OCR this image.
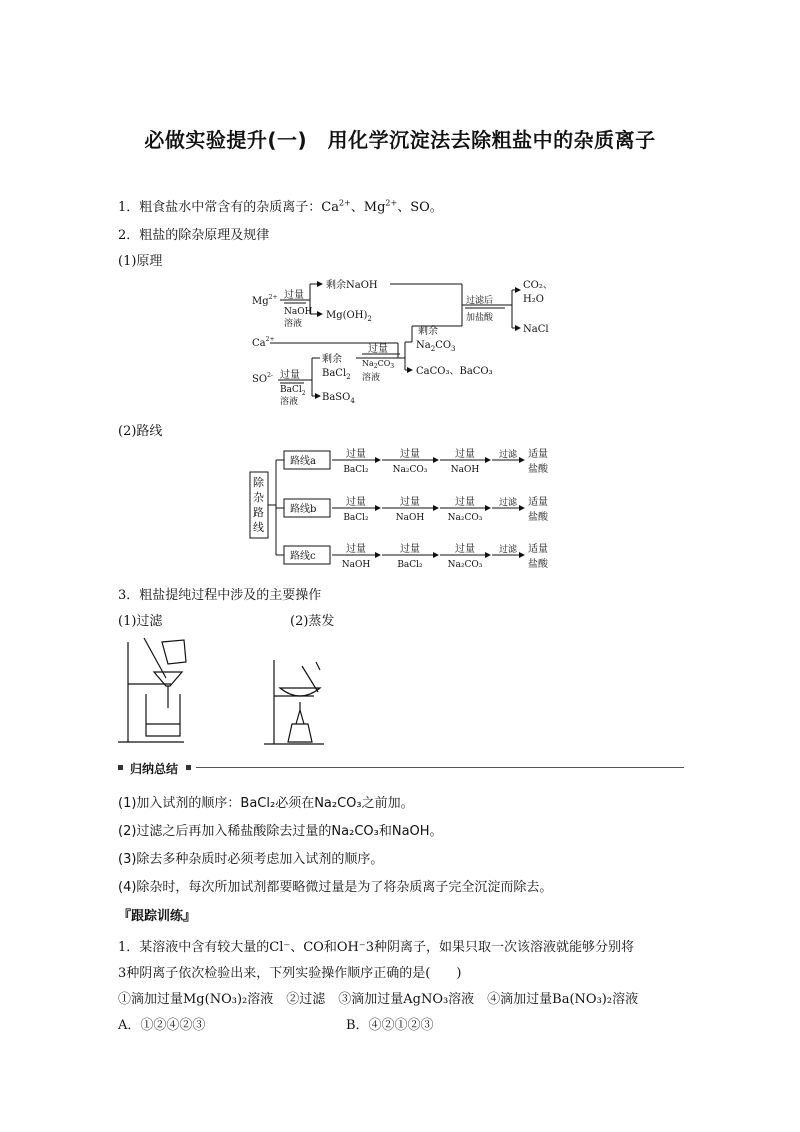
必做实验提升(一)　用化学沉淀法去除粗盐中的杂质离子
1．粗食盐水中常含有的杂质离子：$Ca^{2+}$、$Mg^{2+}$、SO。
2．粗盐的除杂原理及规律
(1)原理
$Mg^{2+}$ 过量
NaOH
溶液
剩余NaOH
$Mg(OH)_2$
$Ca^{2+}$
$SO^{2-}$ 过量
BaCl$_2$
溶液
剩余
BaCl$_2$
BaSO$_4$
过量
$Na_2CO_3$
溶液
剩余
$Na_2CO_3$
CaCO₃、BaCO₃
过滤后
加盐酸
CO₂、
H₂O
NaCl
(2)路线
除
杂
路
线
路线a
过量
BaCl₂
过量
Na₂CO₃
过量
NaOH
过滤 适量
盐酸
路线b
过量
BaCl₂
过量
NaOH
过量
Na₂CO₃
过滤 适量
盐酸
路线c
过量
NaOH
过量
BaCl₂
过量
Na₂CO₃
过滤 适量
盐酸
3．粗盐提纯过程中涉及的主要操作
(1)过滤	(2)蒸发
归纳总结
(1)加入试剂的顺序：BaCl₂必须在Na₂CO₃之前加。
(2)过滤之后再加入稀盐酸除去过量的Na₂CO₃和NaOH。
(3)除去多种杂质时必须考虑加入试剂的顺序。
(4)除杂时，每次所加试剂都要略微过量是为了将杂质离子完全沉淀而除去。
『跟踪训练』
1．某溶液中含有较大量的Cl⁻、CO和OH⁻3种阴离子，如果只取一次该溶液就能够分别将
3种阴离子依次检验出来，下列实验操作顺序正确的是(　　)
①滴加过量Mg(NO₃)₂溶液　②过滤　③滴加过量AgNO₃溶液　④滴加过量Ba(NO₃)₂溶液
A．①②④②③	B．④②①②③
